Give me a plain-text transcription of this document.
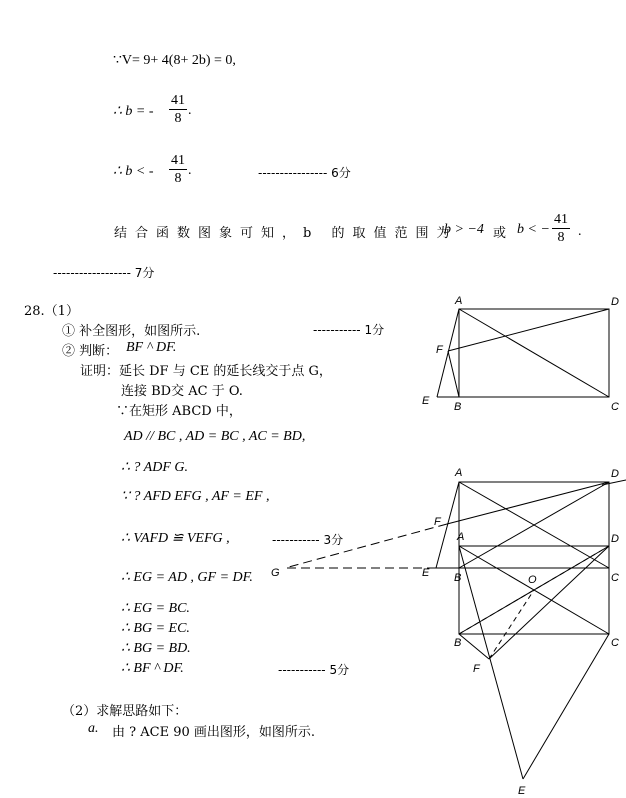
∵V= 9+ 4(8+ 2b) = 0,
∴ b = - $\frac{41}{8}$ .
∴ b < - $\frac{41}{8}$ .	---------------- 6分
结合函数图象可知，b 的取值范围为
b > −4 或 b < − $\frac{41}{8}$ .
------------------ 7分
28.（1）
① 补全图形，如图所示.	----------- 1分
② 判断： BF ^ DF.
证明：延长 DF 与 CE 的延长线交于点 G，
连接 BD交 AC 于 O.
∵在矩形 ABCD 中，
AD // BC , AD = BC , AC = BD,
∴ ? ADF G.
∵ ? AFD EFG , AF = EF ,
∴ VAFD ≌ VEFG ,	----------- 3分
∴ EG = AD , GF = DF.
∴ EG = BC.
∴ BG = EC.
∴ BG = BD.
∴ BF ^ DF.	----------- 5分
（2）求解思路如下：
a. 由 ? ACE 90 画出图形，如图所示.
A	D
F
E B	C
A	D
F
E B	C
G
A	D
O
B	C
F
E
